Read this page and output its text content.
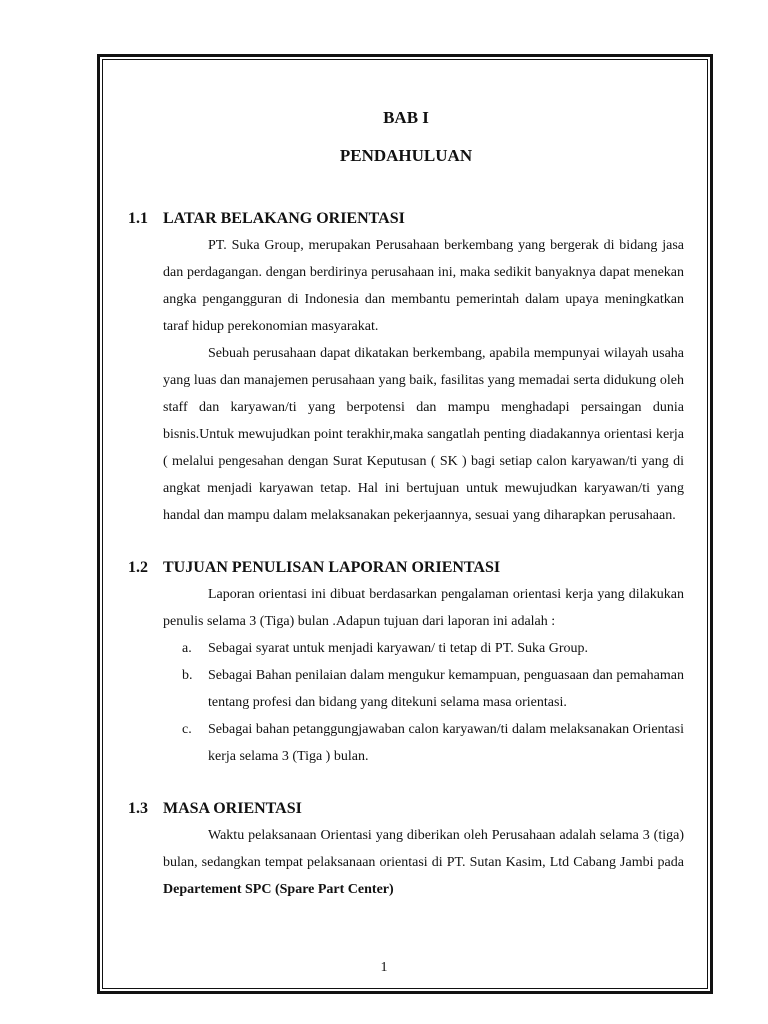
BAB I

PENDAHULUAN

1.1 LATAR BELAKANG ORIENTASI

PT. Suka Group, merupakan Perusahaan berkembang yang bergerak di bidang jasa dan perdagangan. dengan berdirinya perusahaan ini, maka sedikit banyaknya dapat menekan angka pengangguran di Indonesia dan membantu pemerintah dalam upaya meningkatkan taraf hidup perekonomian masyarakat.

Sebuah perusahaan dapat dikatakan berkembang, apabila mempunyai wilayah usaha yang luas dan manajemen perusahaan yang baik, fasilitas yang memadai serta didukung oleh staff dan karyawan/ti yang berpotensi dan mampu menghadapi persaingan dunia bisnis.Untuk mewujudkan point terakhir,maka sangatlah penting diadakannya orientasi kerja ( melalui pengesahan dengan Surat Keputusan ( SK ) bagi setiap calon karyawan/ti yang di angkat menjadi karyawan tetap. Hal ini bertujuan untuk mewujudkan karyawan/ti yang handal dan mampu dalam melaksanakan pekerjaannya, sesuai yang diharapkan perusahaan.

1.2 TUJUAN PENULISAN LAPORAN ORIENTASI

Laporan orientasi ini dibuat berdasarkan pengalaman orientasi kerja yang dilakukan penulis selama 3 (Tiga) bulan .Adapun tujuan dari laporan ini adalah :

a.	Sebagai syarat untuk menjadi karyawan/ ti tetap di PT. Suka Group.
b.	Sebagai Bahan penilaian dalam mengukur kemampuan, penguasaan dan pemahaman tentang profesi dan bidang yang ditekuni selama masa orientasi.
c.	Sebagai bahan petanggungjawaban calon karyawan/ti dalam melaksanakan Orientasi kerja selama 3 (Tiga ) bulan.
1.3 MASA ORIENTASI

Waktu pelaksanaan Orientasi yang diberikan oleh Perusahaan adalah selama 3 (tiga) bulan, sedangkan tempat pelaksanaan orientasi di PT. Sutan Kasim, Ltd Cabang Jambi pada Departement SPC (Spare Part Center)

1
